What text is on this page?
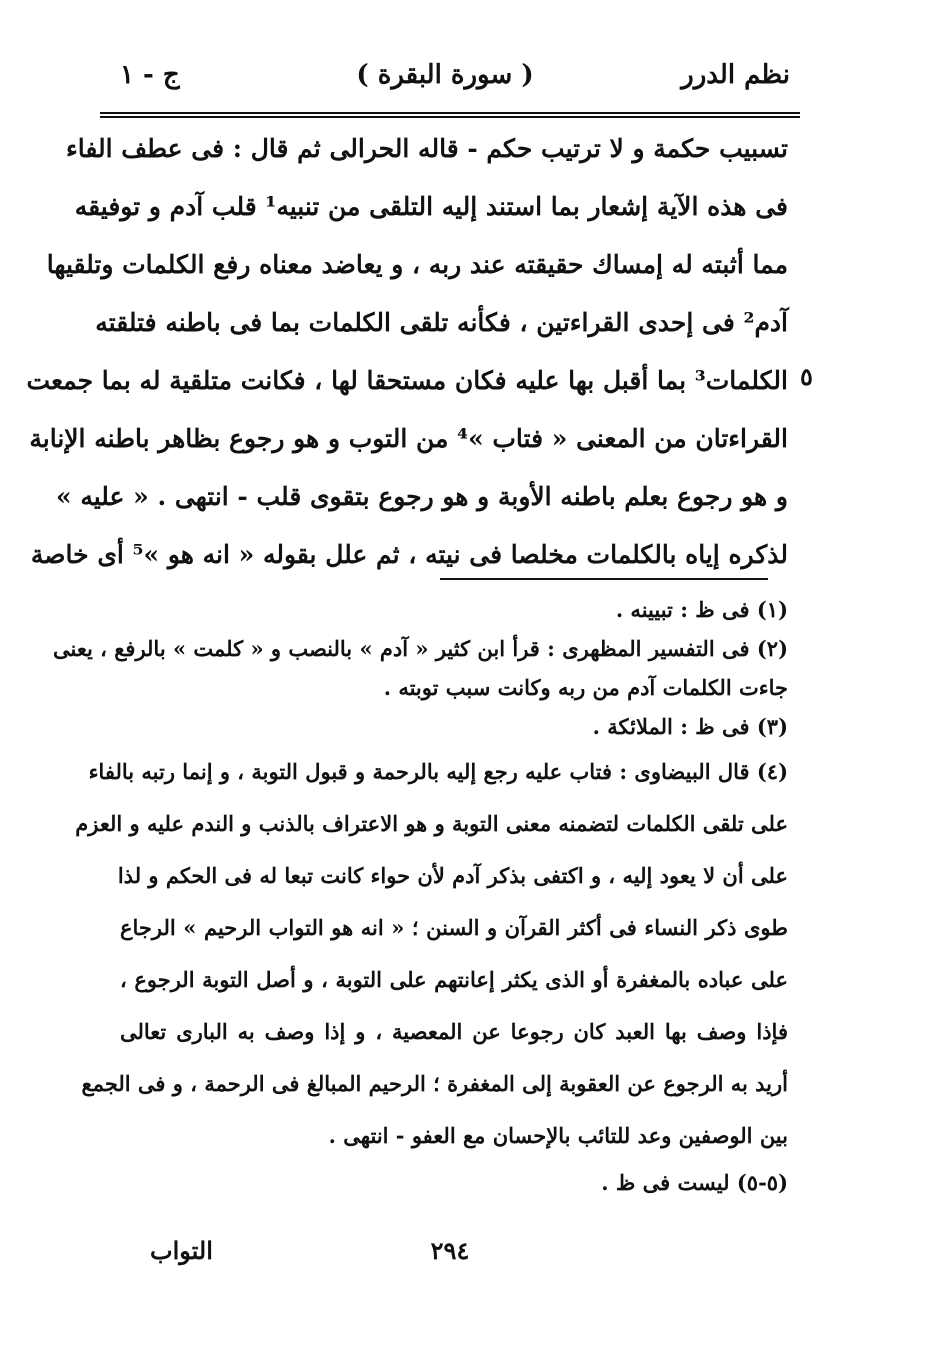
نظم الدرر
( سورة البقرة )
ج - ١
تسبيب حكمة و لا ترتيب حكم - قاله الحرالى ثم قال : فى عطف الفاء
فى هذه الآية إشعار بما استند إليه التلقى من تنبيه¹ قلب آدم و توفيقه
مما أثبته له إمساك حقيقته عند ربه ، و يعاضد معناه رفع الكلمات وتلقيها
آدم² فى إحدى القراءتين ، فكأنه تلقى الكلمات بما فى باطنه فتلقته
الكلمات³ بما أقبل بها عليه فكان مستحقا لها ، فكانت متلقية له بما جمعت
القراءتان من المعنى « فتاب »⁴ من التوب و هو رجوع بظاهر باطنه الإنابة
و هو رجوع بعلم باطنه الأوبة و هو رجوع بتقوى قلب - انتهى . « عليه »
لذكره إياه بالكلمات مخلصا فى نيته ، ثم علل بقوله « انه هو »⁵ أى خاصة
٥
(١) فى ظ : تبيينه .
(٢) فى التفسير المظهرى : قرأ ابن كثير « آدم » بالنصب و « كلمت » بالرفع ، يعنى
جاءت الكلمات آدم من ربه وكانت سبب توبته .
(٣) فى ظ : الملائكة .
(٤) قال البيضاوى : فتاب عليه رجع إليه بالرحمة و قبول التوبة ، و إنما رتبه بالفاء
على تلقى الكلمات لتضمنه معنى التوبة و هو الاعتراف بالذنب و الندم عليه و العزم
على أن لا يعود إليه ، و اكتفى بذكر آدم لأن حواء كانت تبعا له فى الحكم و لذا
طوى ذكر النساء فى أكثر القرآن و السنن ؛ « انه هو التواب الرحيم » الرجاع
على عباده بالمغفرة أو الذى يكثر إعانتهم على التوبة ، و أصل التوبة الرجوع ،
فإذا وصف بها العبد كان رجوعا عن المعصية ، و إذا وصف به البارى تعالى
أريد به الرجوع عن العقوبة إلى المغفرة ؛ الرحيم المبالغ فى الرحمة ، و فى الجمع
بين الوصفين وعد للتائب بالإحسان مع العفو - انتهى .
(٥-٥) ليست فى ظ .
٢٩٤
التواب
